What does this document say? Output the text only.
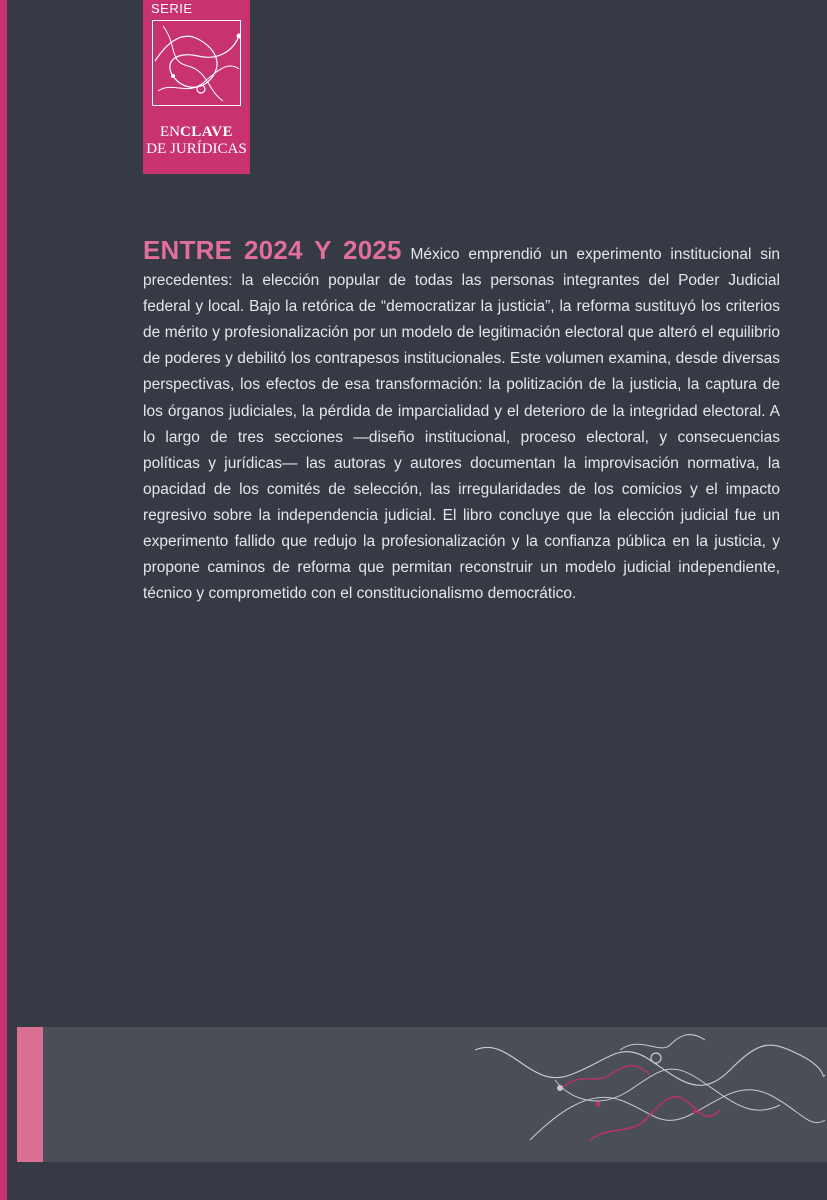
SERIE
ENCLAVE
DE JURÍDICAS
ENTRE 2024 Y 2025 México emprendió un experimento institucional sin precedentes: la elección popular de todas las personas integrantes del Poder Judicial federal y local. Bajo la retórica de “democratizar la justicia”, la reforma sustituyó los criterios de mérito y profesionalización por un modelo de legitimación electoral que alteró el equilibrio de poderes y debilitó los contrapesos institucionales. Este volumen examina, desde diversas perspectivas, los efectos de esa transformación: la politización de la justicia, la captura de los órganos judiciales, la pérdida de imparcialidad y el deterioro de la integridad electoral. A lo largo de tres secciones —diseño institucional, proceso electoral, y consecuencias políticas y jurídicas— las autoras y autores documentan la improvisación normativa, la opacidad de los comités de selección, las irregularidades de los comicios y el impacto regresivo sobre la independencia judicial. El libro concluye que la elección judicial fue un experimento fallido que redujo la profesionalización y la confianza pública en la justicia, y propone caminos de reforma que permitan reconstruir un modelo judicial independiente, técnico y comprometido con el constitucionalismo democrático.
